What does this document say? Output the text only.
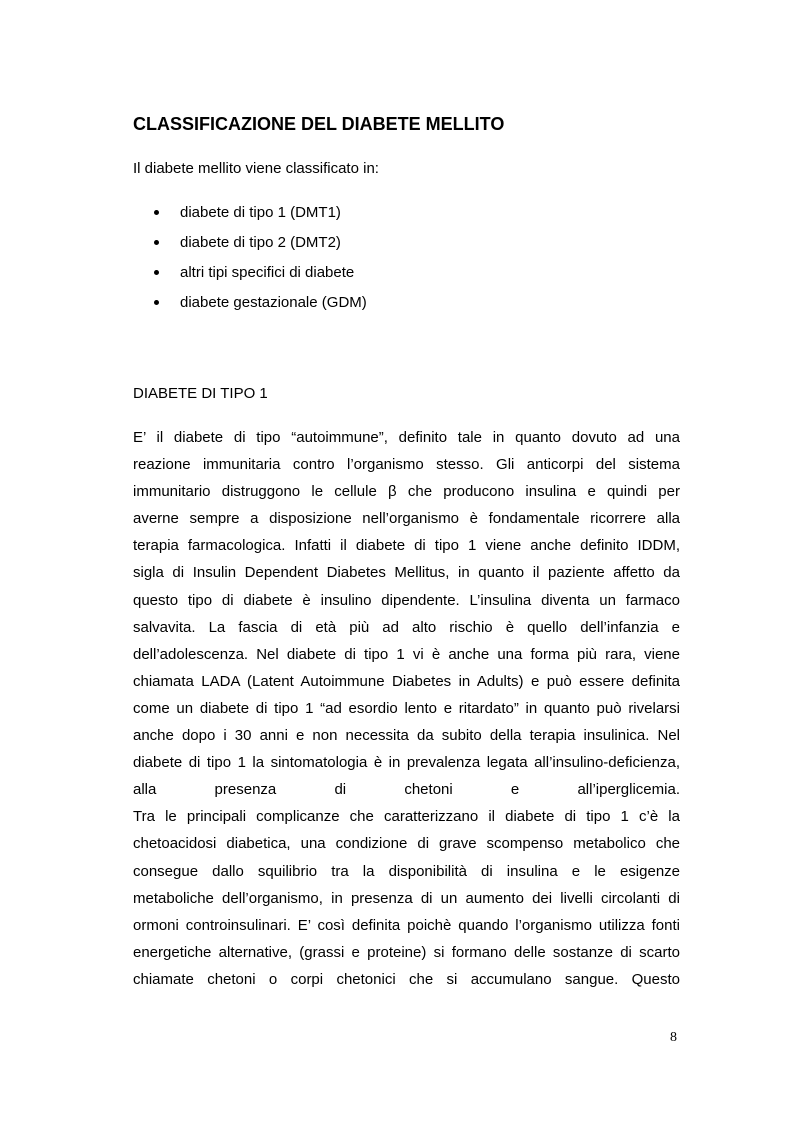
CLASSIFICAZIONE DEL DIABETE MELLITO

Il diabete mellito viene classificato in:

diabete di tipo 1 (DMT1)
diabete di tipo 2 (DMT2)
altri tipi specifici di diabete
diabete gestazionale (GDM)
DIABETE DI TIPO 1
E’ il diabete di tipo “autoimmune”, definito tale in quanto dovuto ad una
reazione immunitaria contro l’organismo stesso. Gli anticorpi del sistema
immunitario distruggono le cellule β che producono insulina e quindi per
averne sempre a disposizione nell’organismo è fondamentale ricorrere alla
terapia farmacologica. Infatti il diabete di tipo 1 viene anche definito IDDM,
sigla di Insulin Dependent Diabetes Mellitus, in quanto il paziente affetto da
questo tipo di diabete è insulino dipendente. L’insulina diventa un farmaco
salvavita. La fascia di età più ad alto rischio è quello dell’infanzia e
dell’adolescenza. Nel diabete di tipo 1 vi è anche una forma più rara, viene
chiamata LADA (Latent Autoimmune Diabetes in Adults) e può essere definita
come un diabete di tipo 1 “ad esordio lento e ritardato” in quanto può rivelarsi
anche dopo i 30 anni e non necessita da subito della terapia insulinica. Nel
diabete di tipo 1 la sintomatologia è in prevalenza legata all’insulino-deficienza,
alla presenza di chetoni e all’iperglicemia.
Tra le principali complicanze che caratterizzano il diabete di tipo 1 c’è la
chetoacidosi diabetica, una condizione di grave scompenso metabolico che
consegue dallo squilibrio tra la disponibilità di insulina e le esigenze
metaboliche dell’organismo, in presenza di un aumento dei livelli circolanti di
ormoni controinsulinari. E’ così definita poichè quando l’organismo utilizza fonti
energetiche alternative, (grassi e proteine) si formano delle sostanze di scarto
chiamate chetoni o corpi chetonici che si accumulano sangue. Questo
8
